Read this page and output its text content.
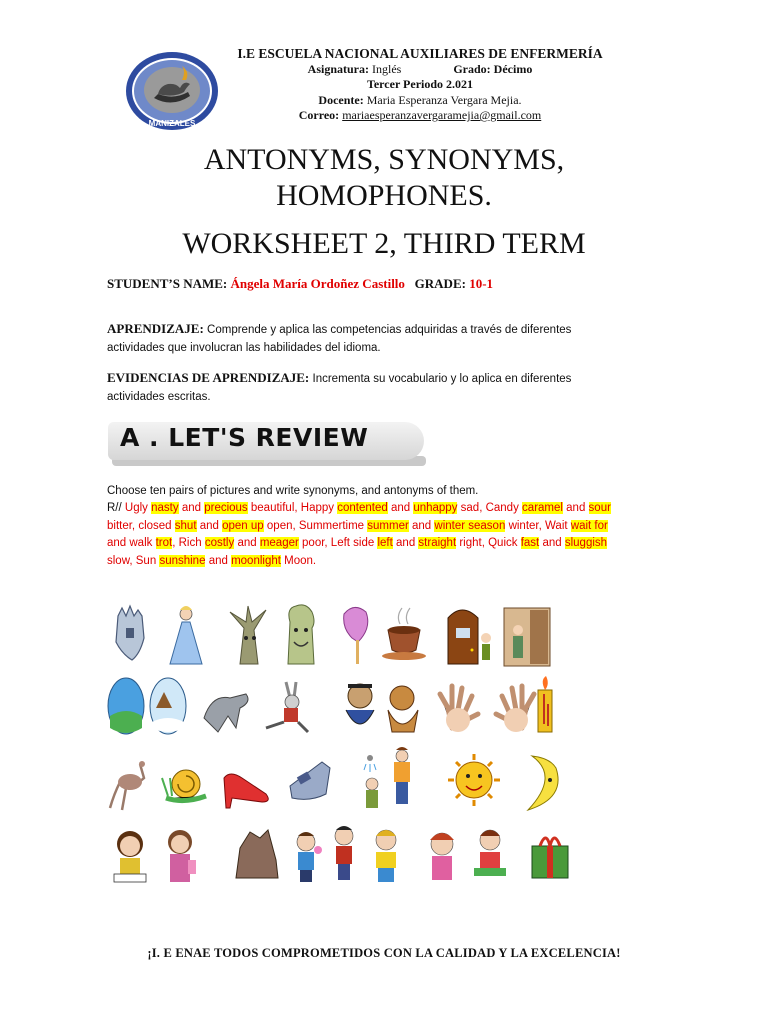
MANIZALES
I.E ESCUELA NACIONAL AUXILIARES DE ENFERMERÍA
Asignatura: Inglés	Grado: Décimo
Tercer Periodo 2.021
Docente: Maria Esperanza Vergara Mejia.
Correo: mariaesperanzavergaramejia@gmail.com
ANTONYMS, SYNONYMS,
HOMOPHONES.
WORKSHEET 2, THIRD TERM
STUDENT’S NAME: Ángela María Ordoñez Castillo GRADE: 10-1
APRENDIZAJE: Comprende y aplica las competencias adquiridas a través de diferentes actividades que involucran las habilidades del idioma.
EVIDENCIAS DE APRENDIZAJE: Incrementa su vocabulario y lo aplica en diferentes actividades escritas.
A . LET'S REVIEW
Choose ten pairs of pictures and write synonyms, and antonyms of them.
R// Ugly nasty and precious beautiful, Happy contented and unhappy sad, Candy caramel and sour
bitter, closed shut and open up open, Summertime summer and winter season winter, Wait wait for
and walk trot, Rich costly and meager poor, Left side left and straight right, Quick fast and sluggish
slow, Sun sunshine and moonlight Moon.
¡I. E ENAE TODOS COMPROMETIDOS CON LA CALIDAD Y LA EXCELENCIA!
